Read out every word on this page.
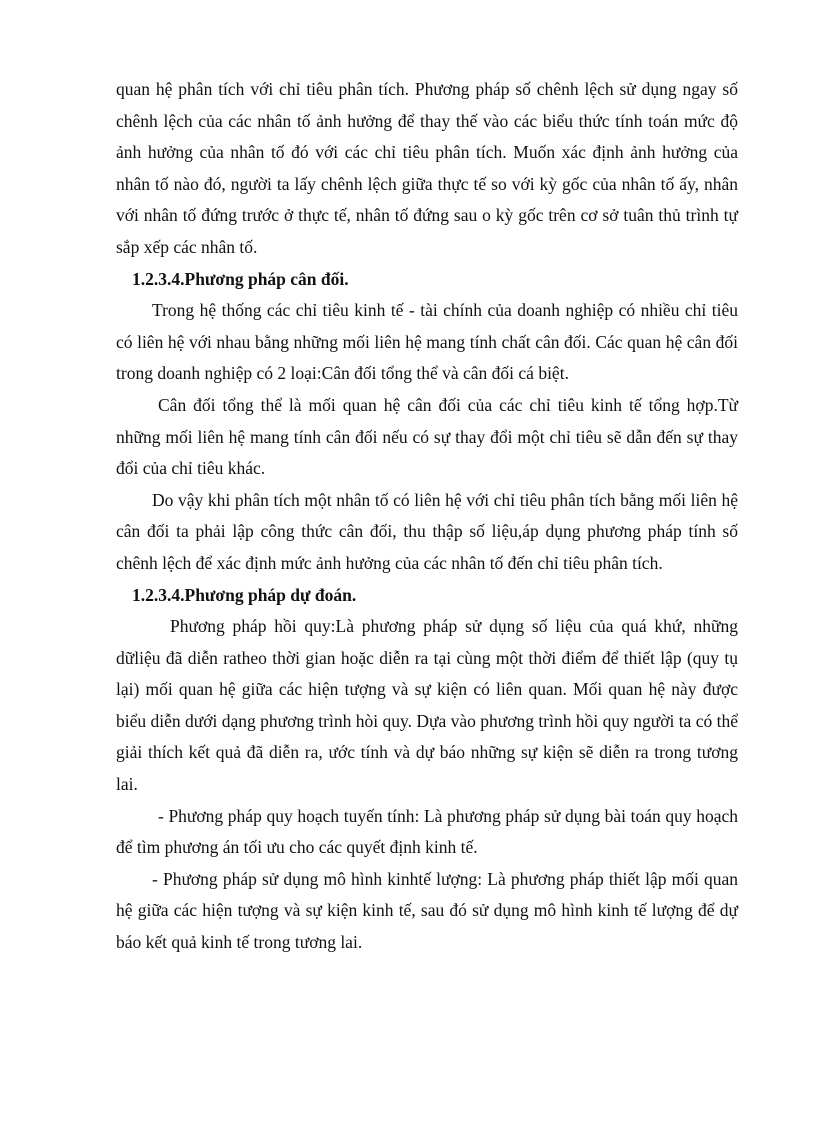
quan hệ phân tích với chỉ tiêu phân tích. Phương pháp số chênh lệch sử dụng ngay số chênh lệch của các nhân tố ảnh hưởng để thay thế vào các biểu thức tính toán mức độ ảnh hưởng của nhân tố đó với các chỉ tiêu phân tích. Muốn xác định ảnh hưởng của nhân tố nào đó, người ta lấy chênh lệch giữa thực tế so với kỳ gốc của nhân tố ấy, nhân với nhân tố đứng trước ở thực tế, nhân tố đứng sau o kỳ gốc trên cơ sở tuân thủ trình tự sắp xếp các nhân tố.

1.2.3.4.Phương pháp cân đối.

Trong hệ thống các chỉ tiêu kinh tế - tài chính của doanh nghiệp có nhiều chỉ tiêu có liên hệ với nhau bằng những mối liên hệ mang tính chất cân đối. Các quan hệ cân đối trong doanh nghiệp có 2 loại:Cân đối tổng thể và cân đối cá biệt.

Cân đối tổng thể là mối quan hệ cân đối của các chỉ tiêu kinh tế tổng hợp.Từ những mối liên hệ mang tính cân đối nếu có sự thay đổi một chỉ tiêu sẽ dẫn đến sự thay đổi của chỉ tiêu khác.

Do vậy khi phân tích một nhân tố có liên hệ với chỉ tiêu phân tích bằng mối liên hệ cân đối ta phải lập công thức cân đối, thu thập số liệu,áp dụng phương pháp tính số chênh lệch để xác định mức ảnh hưởng của các nhân tố đến chỉ tiêu phân tích.

1.2.3.4.Phương pháp dự đoán.

Phương pháp hồi quy:Là phương pháp sử dụng số liệu của quá khứ, những dữliệu đã diễn ratheo thời gian hoặc diễn ra tại cùng một thời điểm để thiết lập (quy tụ lại) mối quan hệ giữa các hiện tượng và sự kiện có liên quan. Mối quan hệ này được biểu diễn dưới dạng phương trình hòi quy. Dựa vào phương trình hồi quy người ta có thể giải thích kết quả đã diễn ra, ước tính và dự báo những sự kiện sẽ diễn ra trong tương lai.

- Phương pháp quy hoạch tuyến tính: Là phương pháp sử dụng bài toán quy hoạch để tìm phương án tối ưu cho các quyết định kinh tế.

- Phương pháp sử dụng mô hình kinhtế lượng: Là phương pháp thiết lập mối quan hệ giữa các hiện tượng và sự kiện kinh tế, sau đó sử dụng mô hình kinh tế lượng để dự báo kết quả kinh tế trong tương lai.
